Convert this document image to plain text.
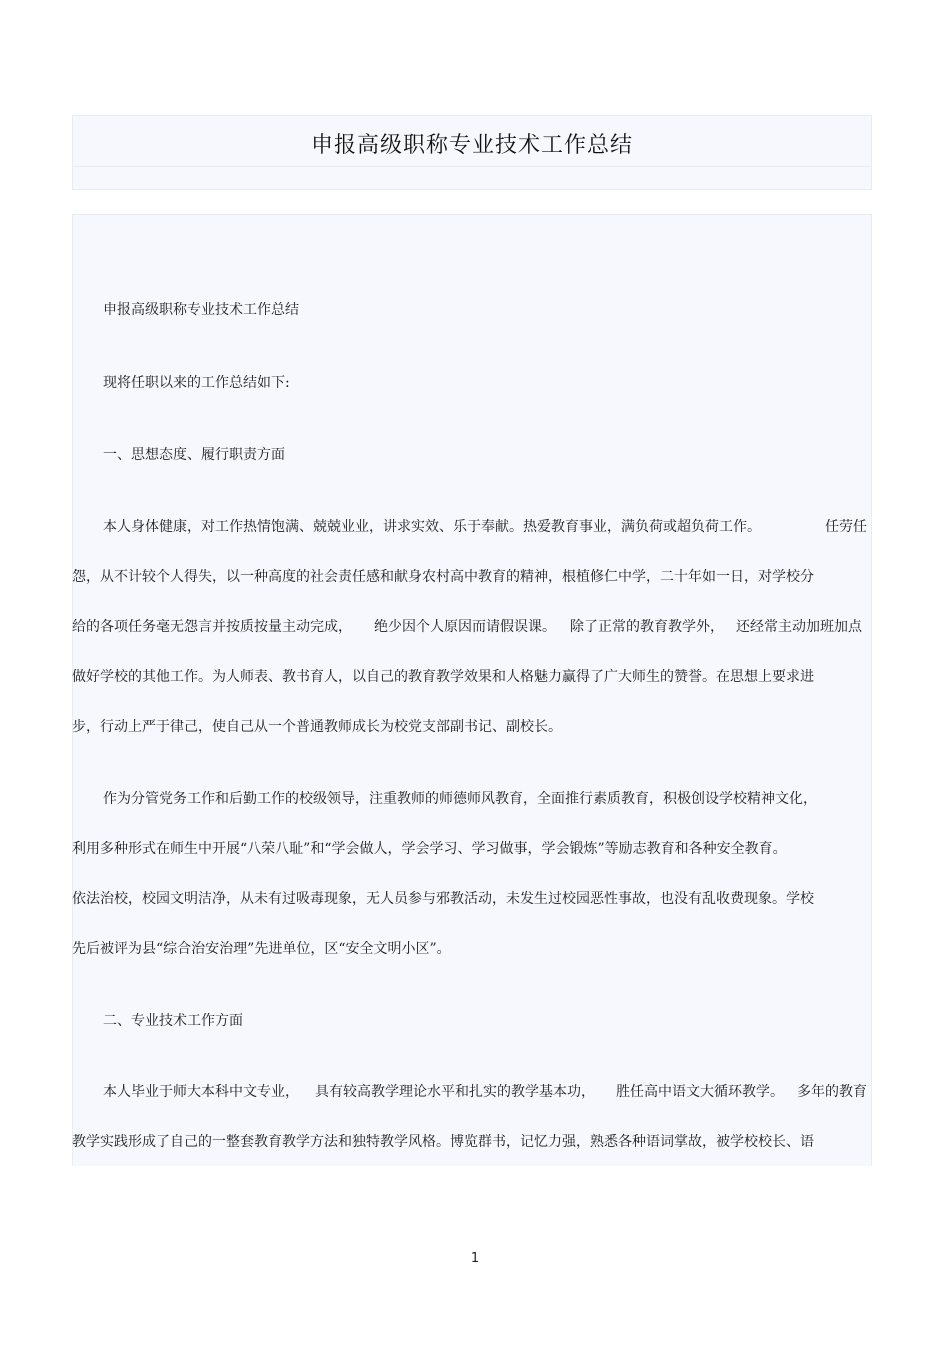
申报高级职称专业技术工作总结
申报高级职称专业技术工作总结
现将任职以来的工作总结如下:
一、思想态度、履行职责方面
本人身体健康，对工作热情饱满、兢兢业业，讲求实效、乐于奉献。热爱教育事业，满负荷或超负荷工作。	任劳任
怨，从不计较个人得失，以一种高度的社会责任感和献身农村高中教育的精神，根植修仁中学，二十年如一日，对学校分
给的各项任务毫无怨言并按质按量主动完成， 绝少因个人原因而请假误课。 除了正常的教育教学外， 还经常主动加班加点
做好学校的其他工作。为人师表、教书育人，以自己的教育教学效果和人格魅力赢得了广大师生的赞誉。在思想上要求进
步，行动上严于律己，使自己从一个普通教师成长为校党支部副书记、副校长。
作为分管党务工作和后勤工作的校级领导，注重教师的师德师风教育，全面推行素质教育，积极创设学校精神文化，
利用多种形式在师生中开展“八荣八耻”和“学会做人，学会学习、学习做事，学会锻炼”等励志教育和各种安全教育。
依法治校，校园文明洁净，从未有过吸毒现象，无人员参与邪教活动，未发生过校园恶性事故，也没有乱收费现象。学校
先后被评为县“综合治安治理”先进单位，区“安全文明小区”。
二、专业技术工作方面
本人毕业于师大本科中文专业， 具有较高教学理论水平和扎实的教学基本功， 胜任高中语文大循环教学。 多年的教育
教学实践形成了自己的一整套教育教学方法和独特教学风格。博览群书，记忆力强，熟悉各种语词掌故，被学校校长、语
1
